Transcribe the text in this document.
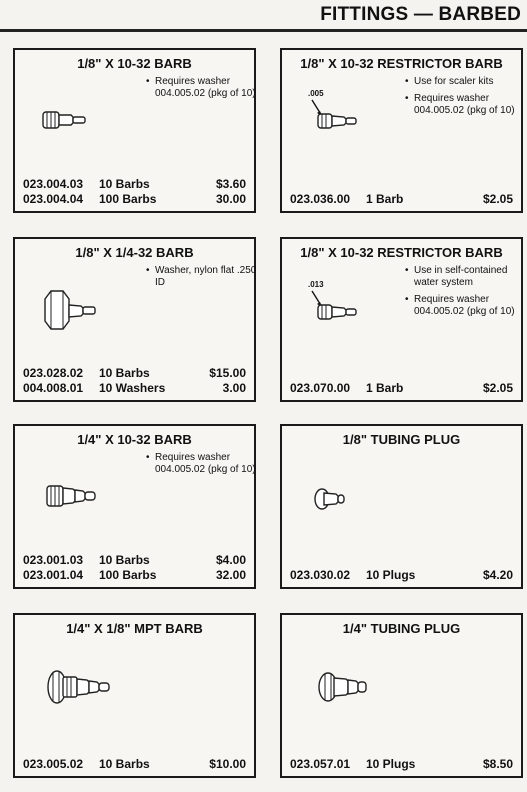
FITTINGS — BARBED
1/8" X 10-32 BARB
• Requires washer 004.005.02 (pkg of 10)
023.004.03	10 Barbs	$3.60
023.004.04	100 Barbs	30.00
1/8" X 10-32 RESTRICTOR BARB
• Use for scaler kits
• Requires washer 004.005.02 (pkg of 10)
.005
023.036.00	1 Barb	$2.05
1/8" X 1/4-32 BARB
• Washer, nylon flat .250 ID
023.028.02	10 Barbs	$15.00
004.008.01	10 Washers	3.00
1/8" X 10-32 RESTRICTOR BARB
• Use in self-contained water system
• Requires washer 004.005.02 (pkg of 10)
.013
023.070.00	1 Barb	$2.05
1/4" X 10-32 BARB
• Requires washer 004.005.02 (pkg of 10)
023.001.03	10 Barbs	$4.00
023.001.04	100 Barbs	32.00
1/8" TUBING PLUG
023.030.02	10 Plugs	$4.20
1/4" X 1/8" MPT BARB
023.005.02	10 Barbs	$10.00
1/4" TUBING PLUG
023.057.01	10 Plugs	$8.50
